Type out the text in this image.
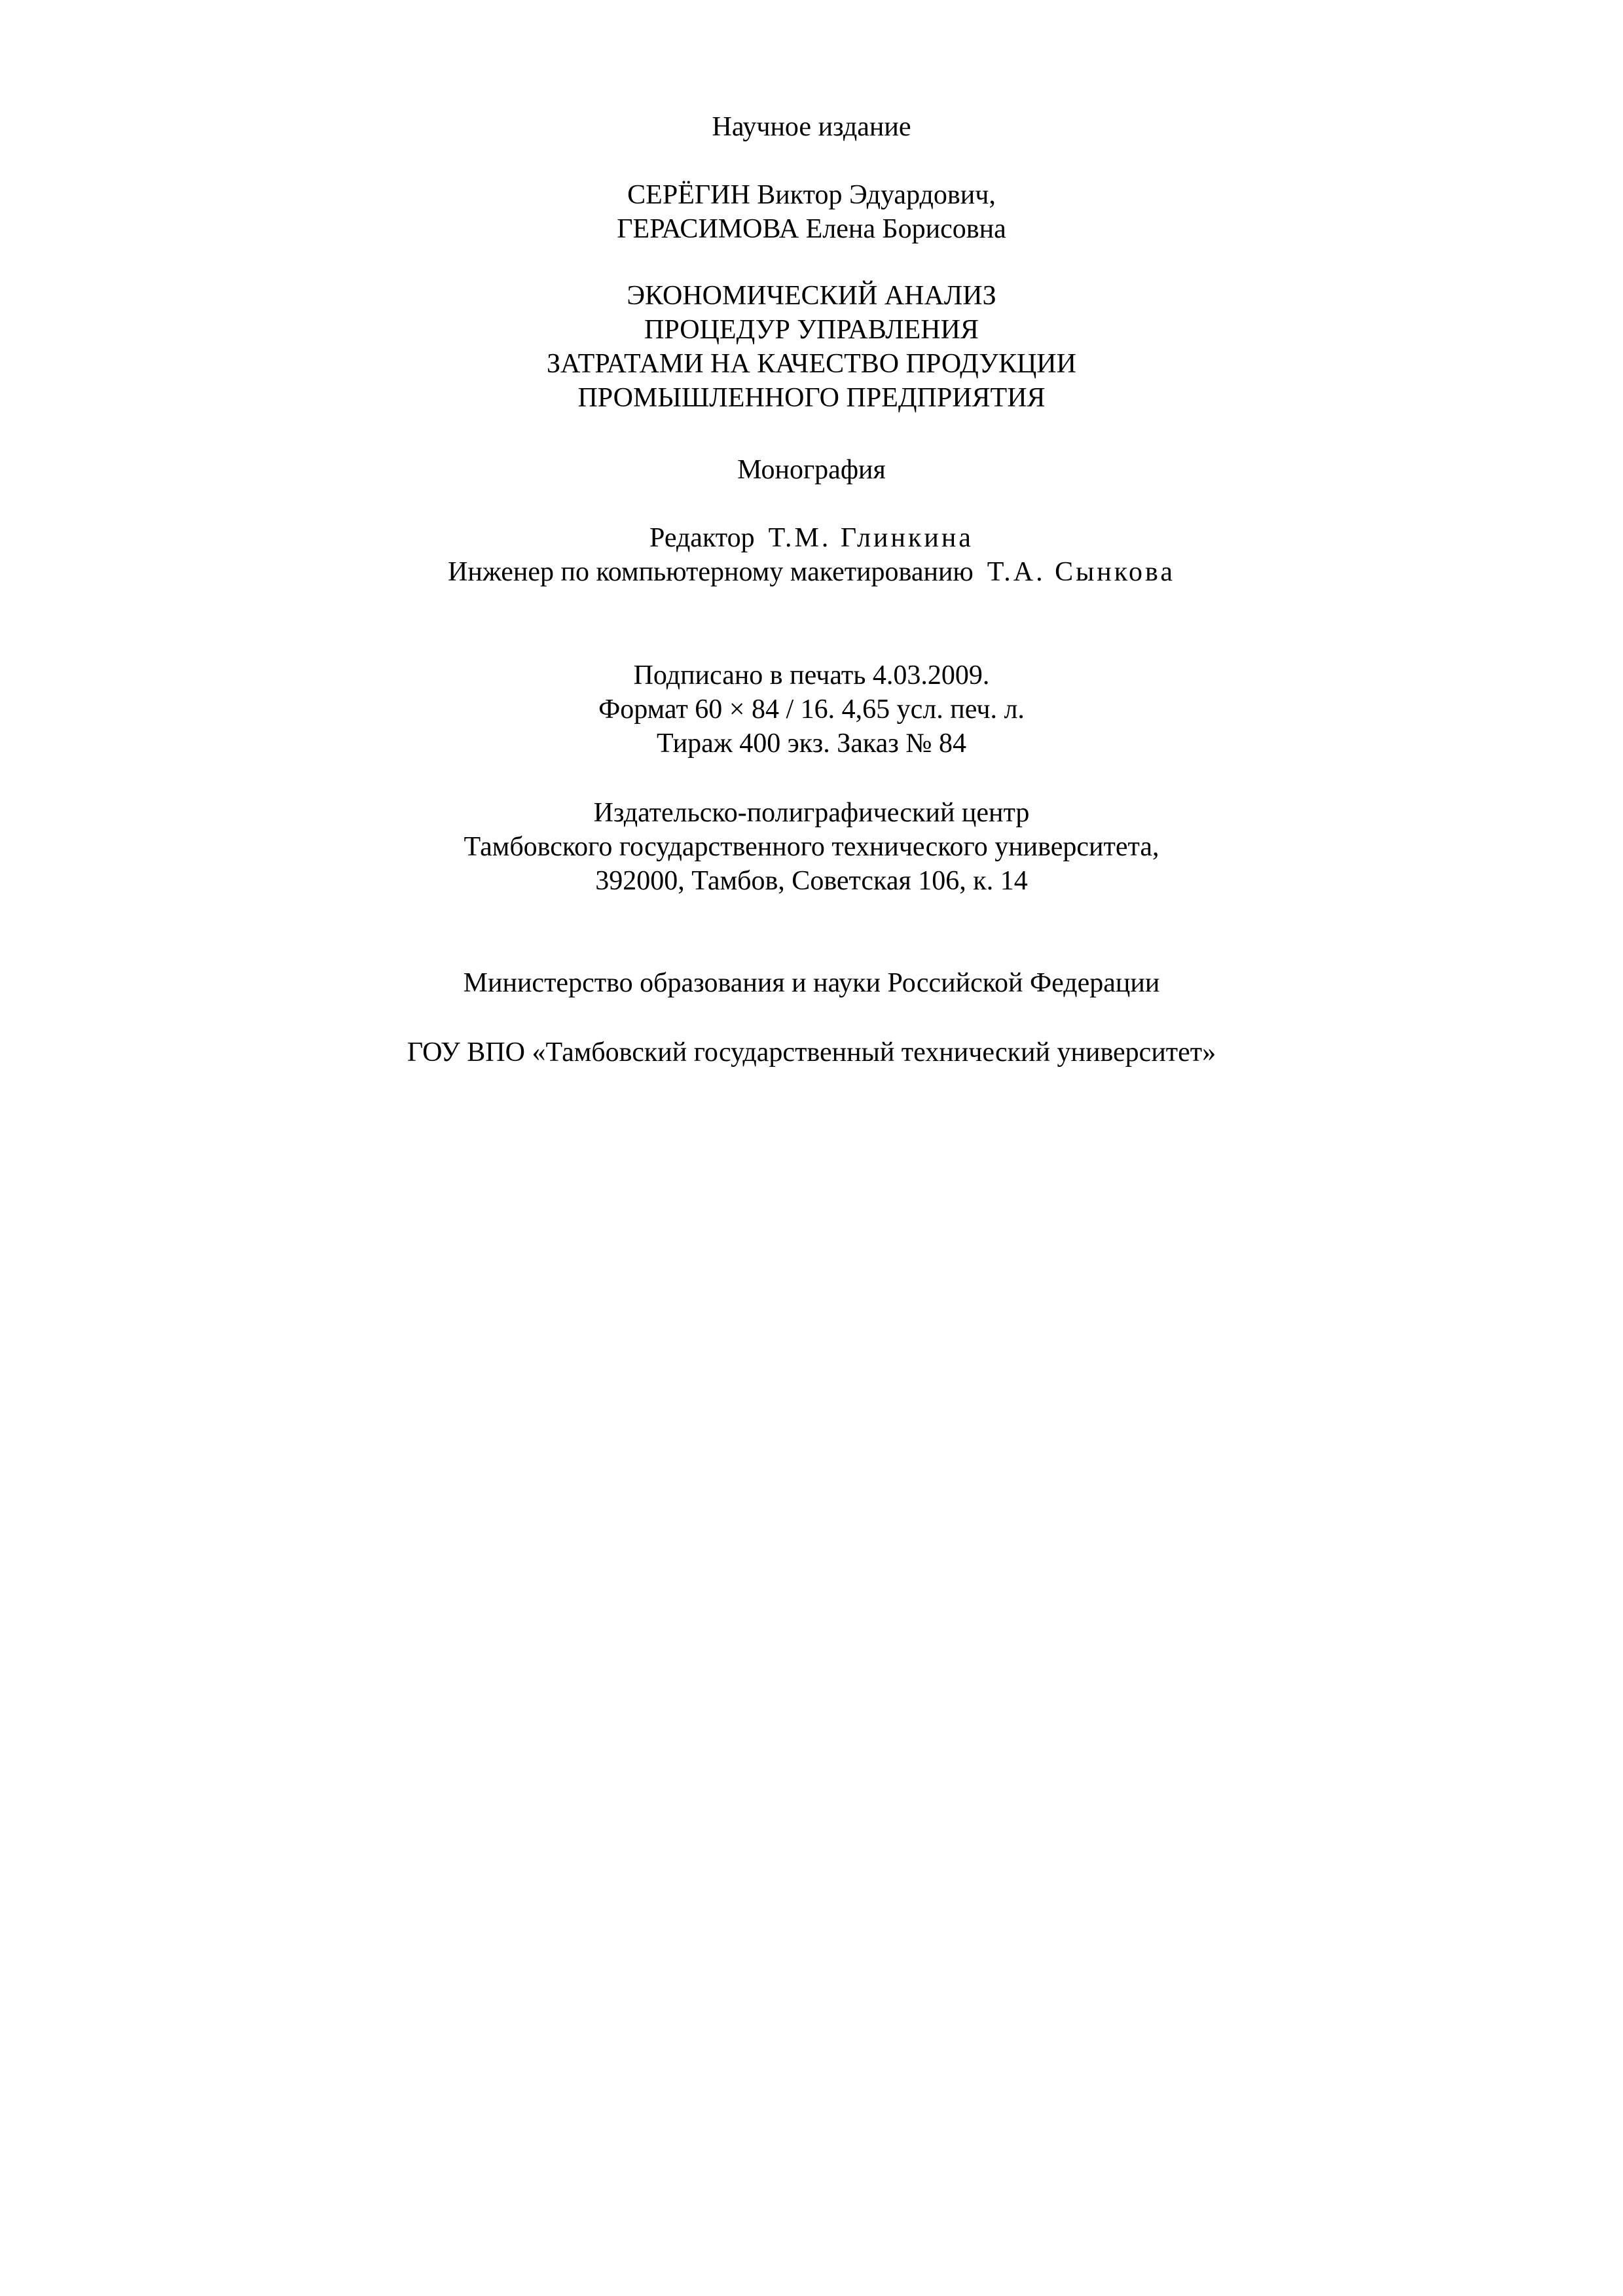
Научное издание
СЕРЁГИН Виктор Эдуардович,
ГЕРАСИМОВА Елена Борисовна
ЭКОНОМИЧЕСКИЙ АНАЛИЗ
ПРОЦЕДУР УПРАВЛЕНИЯ
ЗАТРАТАМИ НА КАЧЕСТВО ПРОДУКЦИИ
ПРОМЫШЛЕННОГО ПРЕДПРИЯТИЯ
Монография
Редактор Т.М. Глинкина
Инженер по компьютерному макетированию Т.А. Сынкова
Подписано в печать 4.03.2009.
Формат 60 × 84 / 16. 4,65 усл. печ. л.
Тираж 400 экз. Заказ № 84
Издательско-полиграфический центр
Тамбовского государственного технического университета,
392000, Тамбов, Советская 106, к. 14
Министерство образования и науки Российской Федерации
ГОУ ВПО «Тамбовский государственный технический университет»
